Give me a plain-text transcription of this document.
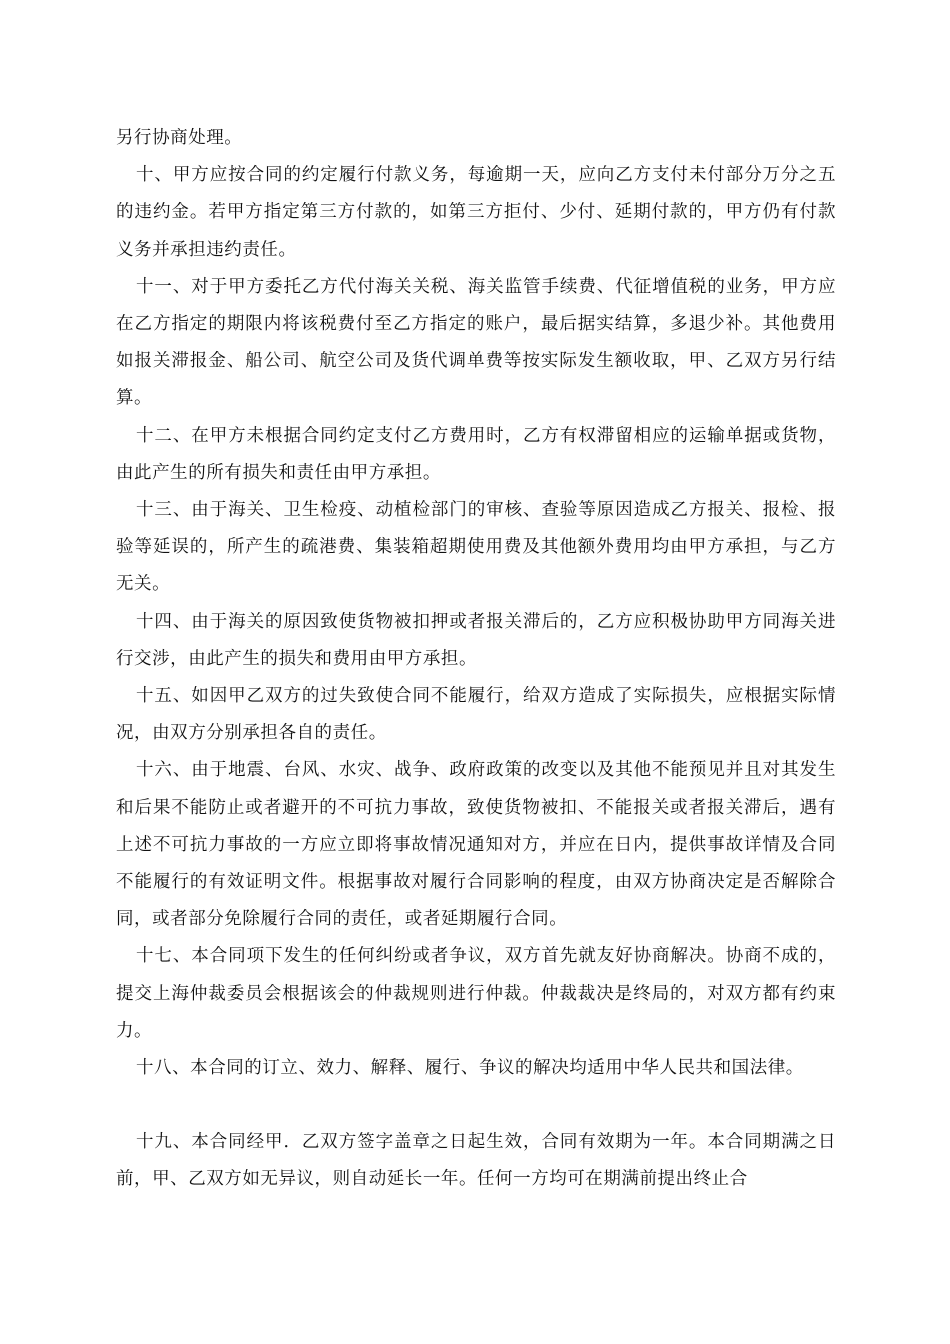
另行协商处理。

十、甲方应按合同的约定履行付款义务，每逾期一天，应向乙方支付未付部分万分之五的违约金。若甲方指定第三方付款的，如第三方拒付、少付、延期付款的，甲方仍有付款义务并承担违约责任。

十一、对于甲方委托乙方代付海关关税、海关监管手续费、代征增值税的业务，甲方应在乙方指定的期限内将该税费付至乙方指定的账户，最后据实结算，多退少补。其他费用如报关滞报金、船公司、航空公司及货代调单费等按实际发生额收取，甲、乙双方另行结算。

十二、在甲方未根据合同约定支付乙方费用时，乙方有权滞留相应的运输单据或货物，由此产生的所有损失和责任由甲方承担。

十三、由于海关、卫生检疫、动植检部门的审核、查验等原因造成乙方报关、报检、报验等延误的，所产生的疏港费、集装箱超期使用费及其他额外费用均由甲方承担，与乙方无关。

十四、由于海关的原因致使货物被扣押或者报关滞后的，乙方应积极协助甲方同海关进行交涉，由此产生的损失和费用由甲方承担。

十五、如因甲乙双方的过失致使合同不能履行，给双方造成了实际损失，应根据实际情况，由双方分别承担各自的责任。

十六、由于地震、台风、水灾、战争、政府政策的改变以及其他不能预见并且对其发生和后果不能防止或者避开的不可抗力事故，致使货物被扣、不能报关或者报关滞后，遇有上述不可抗力事故的一方应立即将事故情况通知对方，并应在日内，提供事故详情及合同不能履行的有效证明文件。根据事故对履行合同影响的程度，由双方协商决定是否解除合同，或者部分免除履行合同的责任，或者延期履行合同。

十七、本合同项下发生的任何纠纷或者争议，双方首先就友好协商解决。协商不成的，提交上海仲裁委员会根据该会的仲裁规则进行仲裁。仲裁裁决是终局的，对双方都有约束力。

十八、本合同的订立、效力、解释、履行、争议的解决均适用中华人民共和国法律。

十九、本合同经甲．乙双方签字盖章之日起生效，合同有效期为一年。本合同期满之日前，甲、乙双方如无异议，则自动延长一年。任何一方均可在期满前提出终止合
